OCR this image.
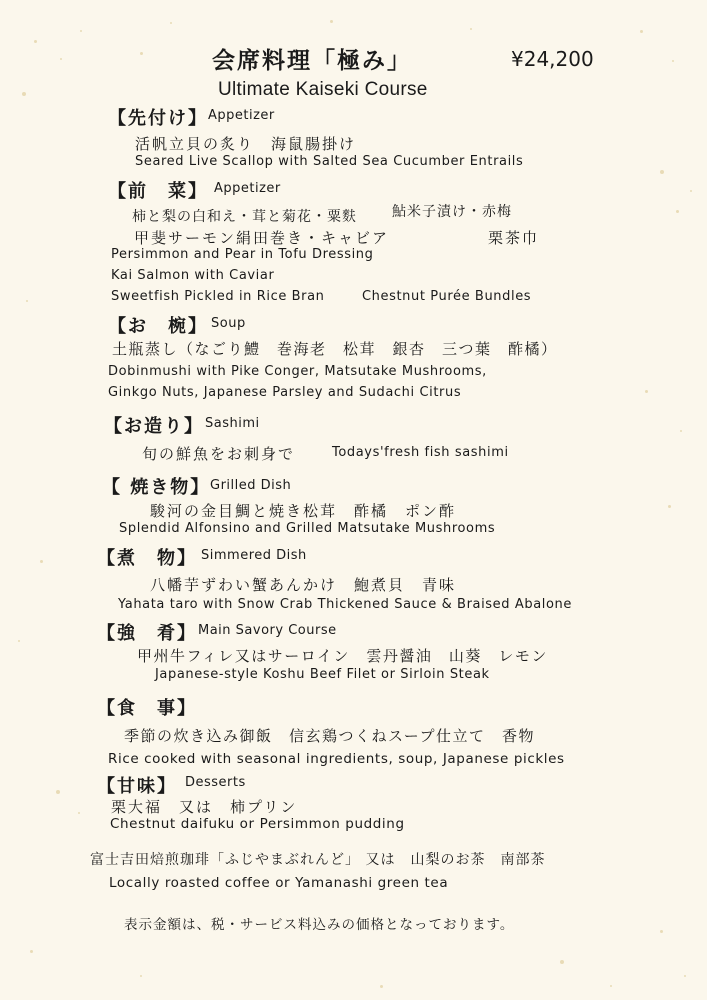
会席料理「極み」	¥24,200
Ultimate Kaiseki Course
【先付け】 Appetizer
活帆立貝の炙り　海鼠腸掛け
Seared Live Scallop with Salted Sea Cucumber Entrails
【前　菜】 Appetizer
柿と梨の白和え・茸と菊花・粟麩	鮎米子漬け・赤梅
甲斐サーモン絹田巻き・キャビア	栗茶巾
Persimmon and Pear in Tofu Dressing
Kai Salmon with Caviar
Sweetfish Pickled in Rice Bran	Chestnut Purée Bundles
【お　椀】 Soup
土瓶蒸し（なごり鱧　巻海老　松茸　銀杏　三つ葉　酢橘）
Dobinmushi with Pike Conger, Matsutake Mushrooms,
Ginkgo Nuts, Japanese Parsley and Sudachi Citrus
【お造り】 Sashimi
旬の鮮魚をお刺身で	Todays'fresh fish sashimi
【 焼き物】 Grilled Dish
駿河の金目鯛と焼き松茸　酢橘　ポン酢
Splendid Alfonsino and Grilled Matsutake Mushrooms
【煮　物】 Simmered Dish
八幡芋ずわい蟹あんかけ　鮑煮貝　青味
Yahata taro with Snow Crab Thickened Sauce & Braised Abalone
【強　肴】 Main Savory Course
甲州牛フィレ又はサーロイン　雲丹醤油　山葵　レモン
Japanese-style Koshu Beef Filet or Sirloin Steak
【食　事】
季節の炊き込み御飯　信玄鶏つくねスープ仕立て　香物
Rice cooked with seasonal ingredients, soup, Japanese pickles
【甘味】 Desserts
栗大福　又は　柿プリン
Chestnut daifuku or Persimmon pudding
富士吉田焙煎珈琲「ふじやまぶれんど」 又は　山梨のお茶　南部茶
Locally roasted coffee or Yamanashi green tea
表示金額は、税・サービス料込みの価格となっております。
